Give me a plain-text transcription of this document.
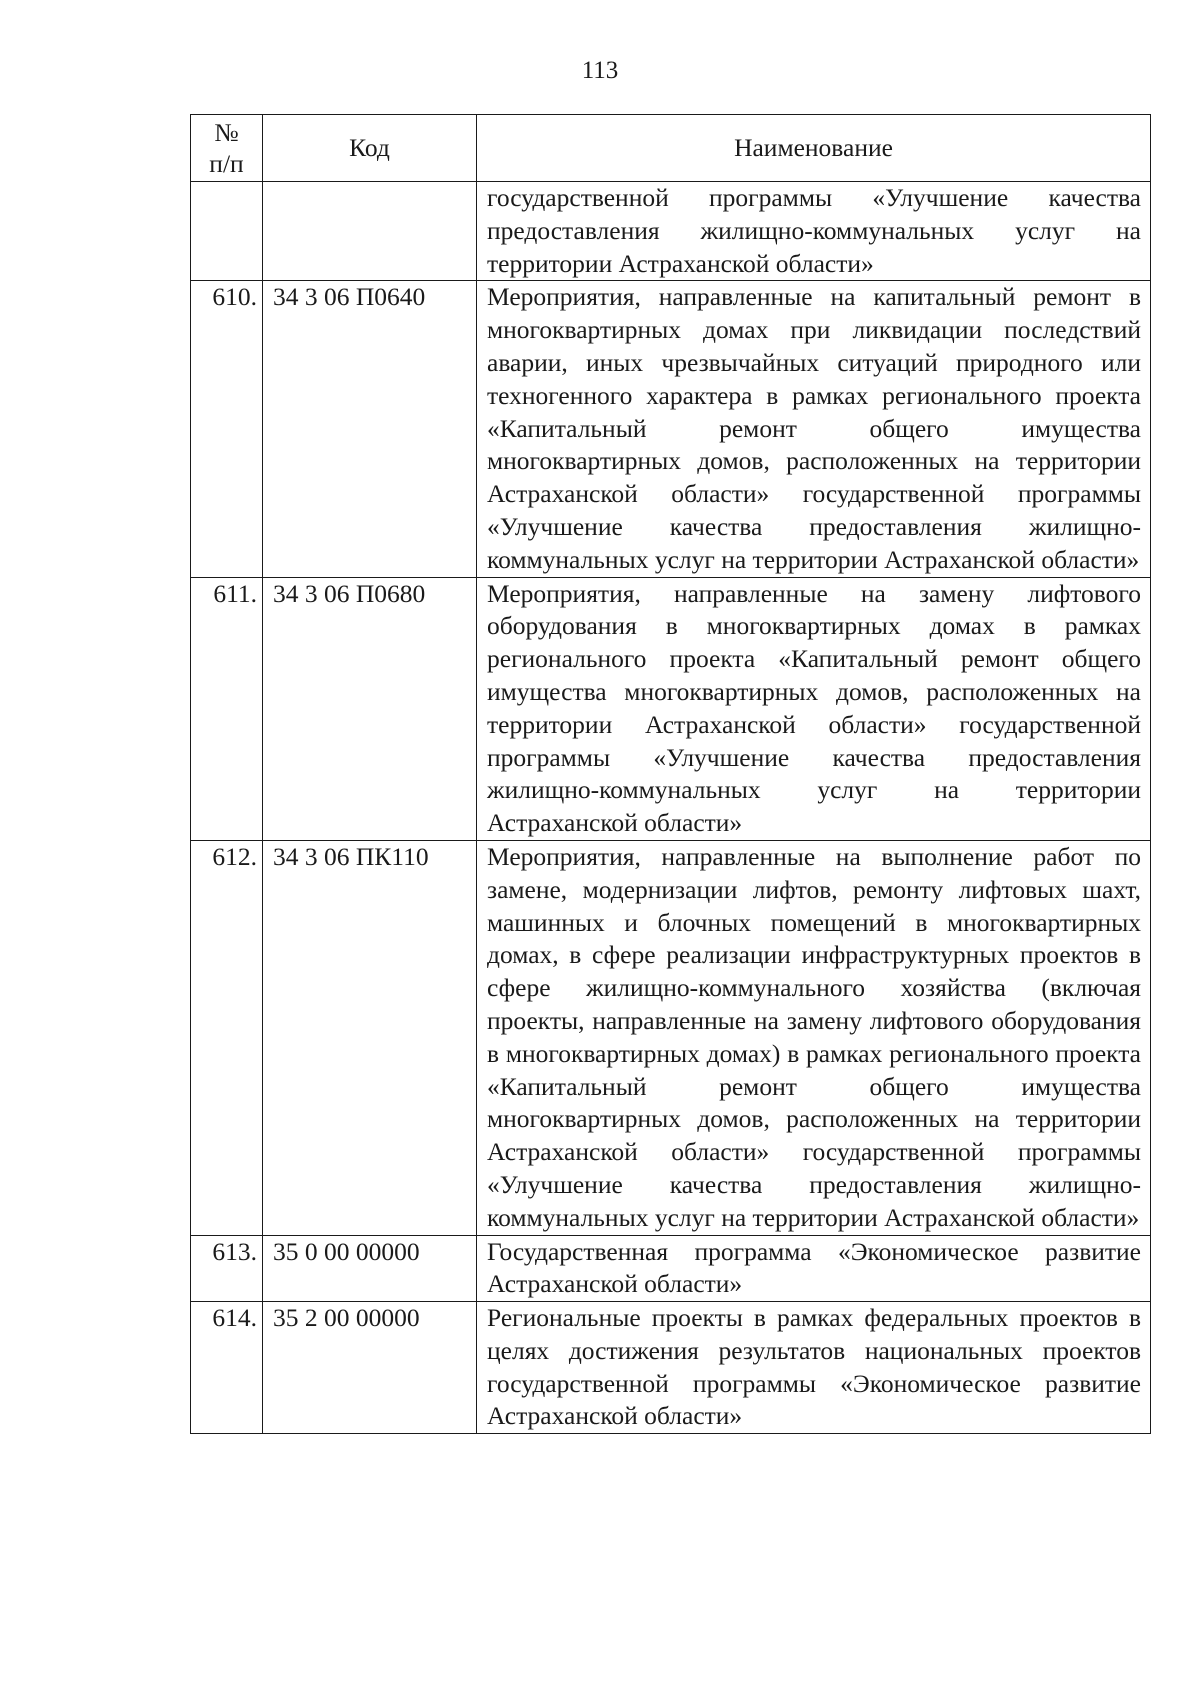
113
№
п/п	Код	Наименование
		государственной программы «Улучшение качества предоставления жилищно-коммунальных услуг на территории Астраханской области»
610.	34 3 06 П0640	Мероприятия, направленные на капитальный ремонт в многоквартирных домах при ликвидации последствий аварии, иных чрезвычайных ситуаций природного или техногенного характера в рамках регионального проекта «Капитальный ремонт общего имущества многоквартирных домов, расположенных на территории Астраханской области» государственной программы «Улучшение качества предоставления жилищно-коммунальных услуг на территории Астраханской области»
611.	34 3 06 П0680	Мероприятия, направленные на замену лифтового оборудования в многоквартирных домах в рамках регионального проекта «Капитальный ремонт общего имущества многоквартирных домов, расположенных на территории Астраханской области» государственной программы «Улучшение качества предоставления жилищно-коммунальных услуг на территории Астраханской области»
612.	34 3 06 ПК110	Мероприятия, направленные на выполнение работ по замене, модернизации лифтов, ремонту лифтовых шахт, машинных и блочных помещений в многоквартирных домах, в сфере реализации инфраструктурных проектов в сфере жилищно-коммунального хозяйства (включая проекты, направленные на замену лифтового оборудования в многоквартирных домах) в рамках регионального проекта «Капитальный ремонт общего имущества многоквартирных домов, расположенных на территории Астраханской области» государственной программы «Улучшение качества предоставления жилищно-коммунальных услуг на территории Астраханской области»
613.	35 0 00 00000	Государственная программа «Экономическое развитие Астраханской области»
614.	35 2 00 00000	Региональные проекты в рамках федеральных проектов в целях достижения результатов национальных проектов государственной программы «Экономическое развитие Астраханской области»
